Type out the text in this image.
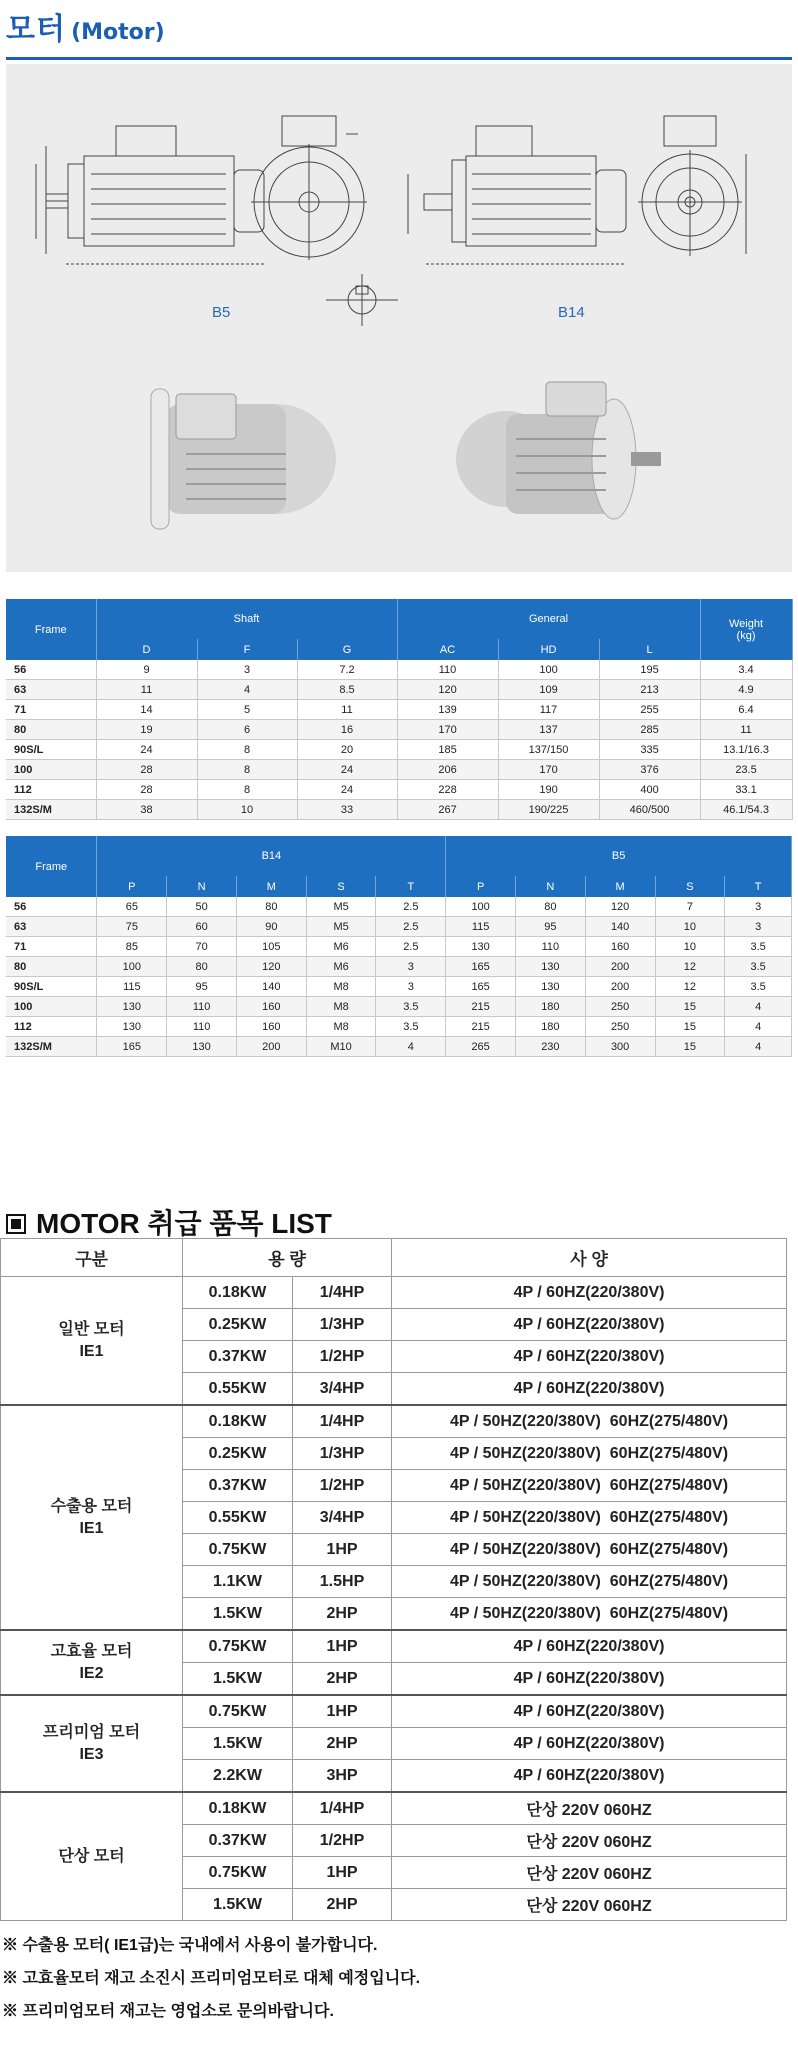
모터 (Motor)
B5	B14
Frame	Shaft			General			Weight
(kg)
	D	F	G	AC	HD	L	
56	9	3	7.2	110	100	195	3.4
63	11	4	8.5	120	109	213	4.9
71	14	5	11	139	117	255	6.4
80	19	6	16	170	137	285	11
90S/L	24	8	20	185	137/150	335	13.1/16.3
100	28	8	24	206	170	376	23.5
112	28	8	24	228	190	400	33.1
132S/M	38	10	33	267	190/225	460/500	46.1/54.3
Frame	B14					B5				
	P	N	M	S	T	P	N	M	S	T
56	65	50	80	M5	2.5	100	80	120	7	3
63	75	60	90	M5	2.5	115	95	140	10	3
71	85	70	105	M6	2.5	130	110	160	10	3.5
80	100	80	120	M6	3	165	130	200	12	3.5
90S/L	115	95	140	M8	3	165	130	200	12	3.5
100	130	110	160	M8	3.5	215	180	250	15	4
112	130	110	160	M8	3.5	215	180	250	15	4
132S/M	165	130	200	M10	4	265	230	300	15	4
MOTOR 취급 품목 LIST
구분	용 량		사 양
일반 모터
IE1	0.18KW	1/4HP	4P / 60HZ(220/380V)
	0.25KW	1/3HP	4P / 60HZ(220/380V)
	0.37KW	1/2HP	4P / 60HZ(220/380V)
	0.55KW	3/4HP	4P / 60HZ(220/380V)
수출용 모터
IE1	0.18KW	1/4HP	4P / 50HZ(220/380V)  60HZ(275/480V)
	0.25KW	1/3HP	4P / 50HZ(220/380V)  60HZ(275/480V)
	0.37KW	1/2HP	4P / 50HZ(220/380V)  60HZ(275/480V)
	0.55KW	3/4HP	4P / 50HZ(220/380V)  60HZ(275/480V)
	0.75KW	1HP	4P / 50HZ(220/380V)  60HZ(275/480V)
	1.1KW	1.5HP	4P / 50HZ(220/380V)  60HZ(275/480V)
	1.5KW	2HP	4P / 50HZ(220/380V)  60HZ(275/480V)
고효율 모터
IE2	0.75KW	1HP	4P / 60HZ(220/380V)
	1.5KW	2HP	4P / 60HZ(220/380V)
프리미엄 모터
IE3	0.75KW	1HP	4P / 60HZ(220/380V)
	1.5KW	2HP	4P / 60HZ(220/380V)
	2.2KW	3HP	4P / 60HZ(220/380V)
단상 모터	0.18KW	1/4HP	단상 220V 060HZ
	0.37KW	1/2HP	단상 220V 060HZ
	0.75KW	1HP	단상 220V 060HZ
	1.5KW	2HP	단상 220V 060HZ
※ 수출용 모터( IE1급)는 국내에서 사용이 불가합니다.
※ 고효율모터 재고 소진시 프리미엄모터로 대체 예정입니다.
※ 프리미엄모터 재고는 영업소로 문의바랍니다.
